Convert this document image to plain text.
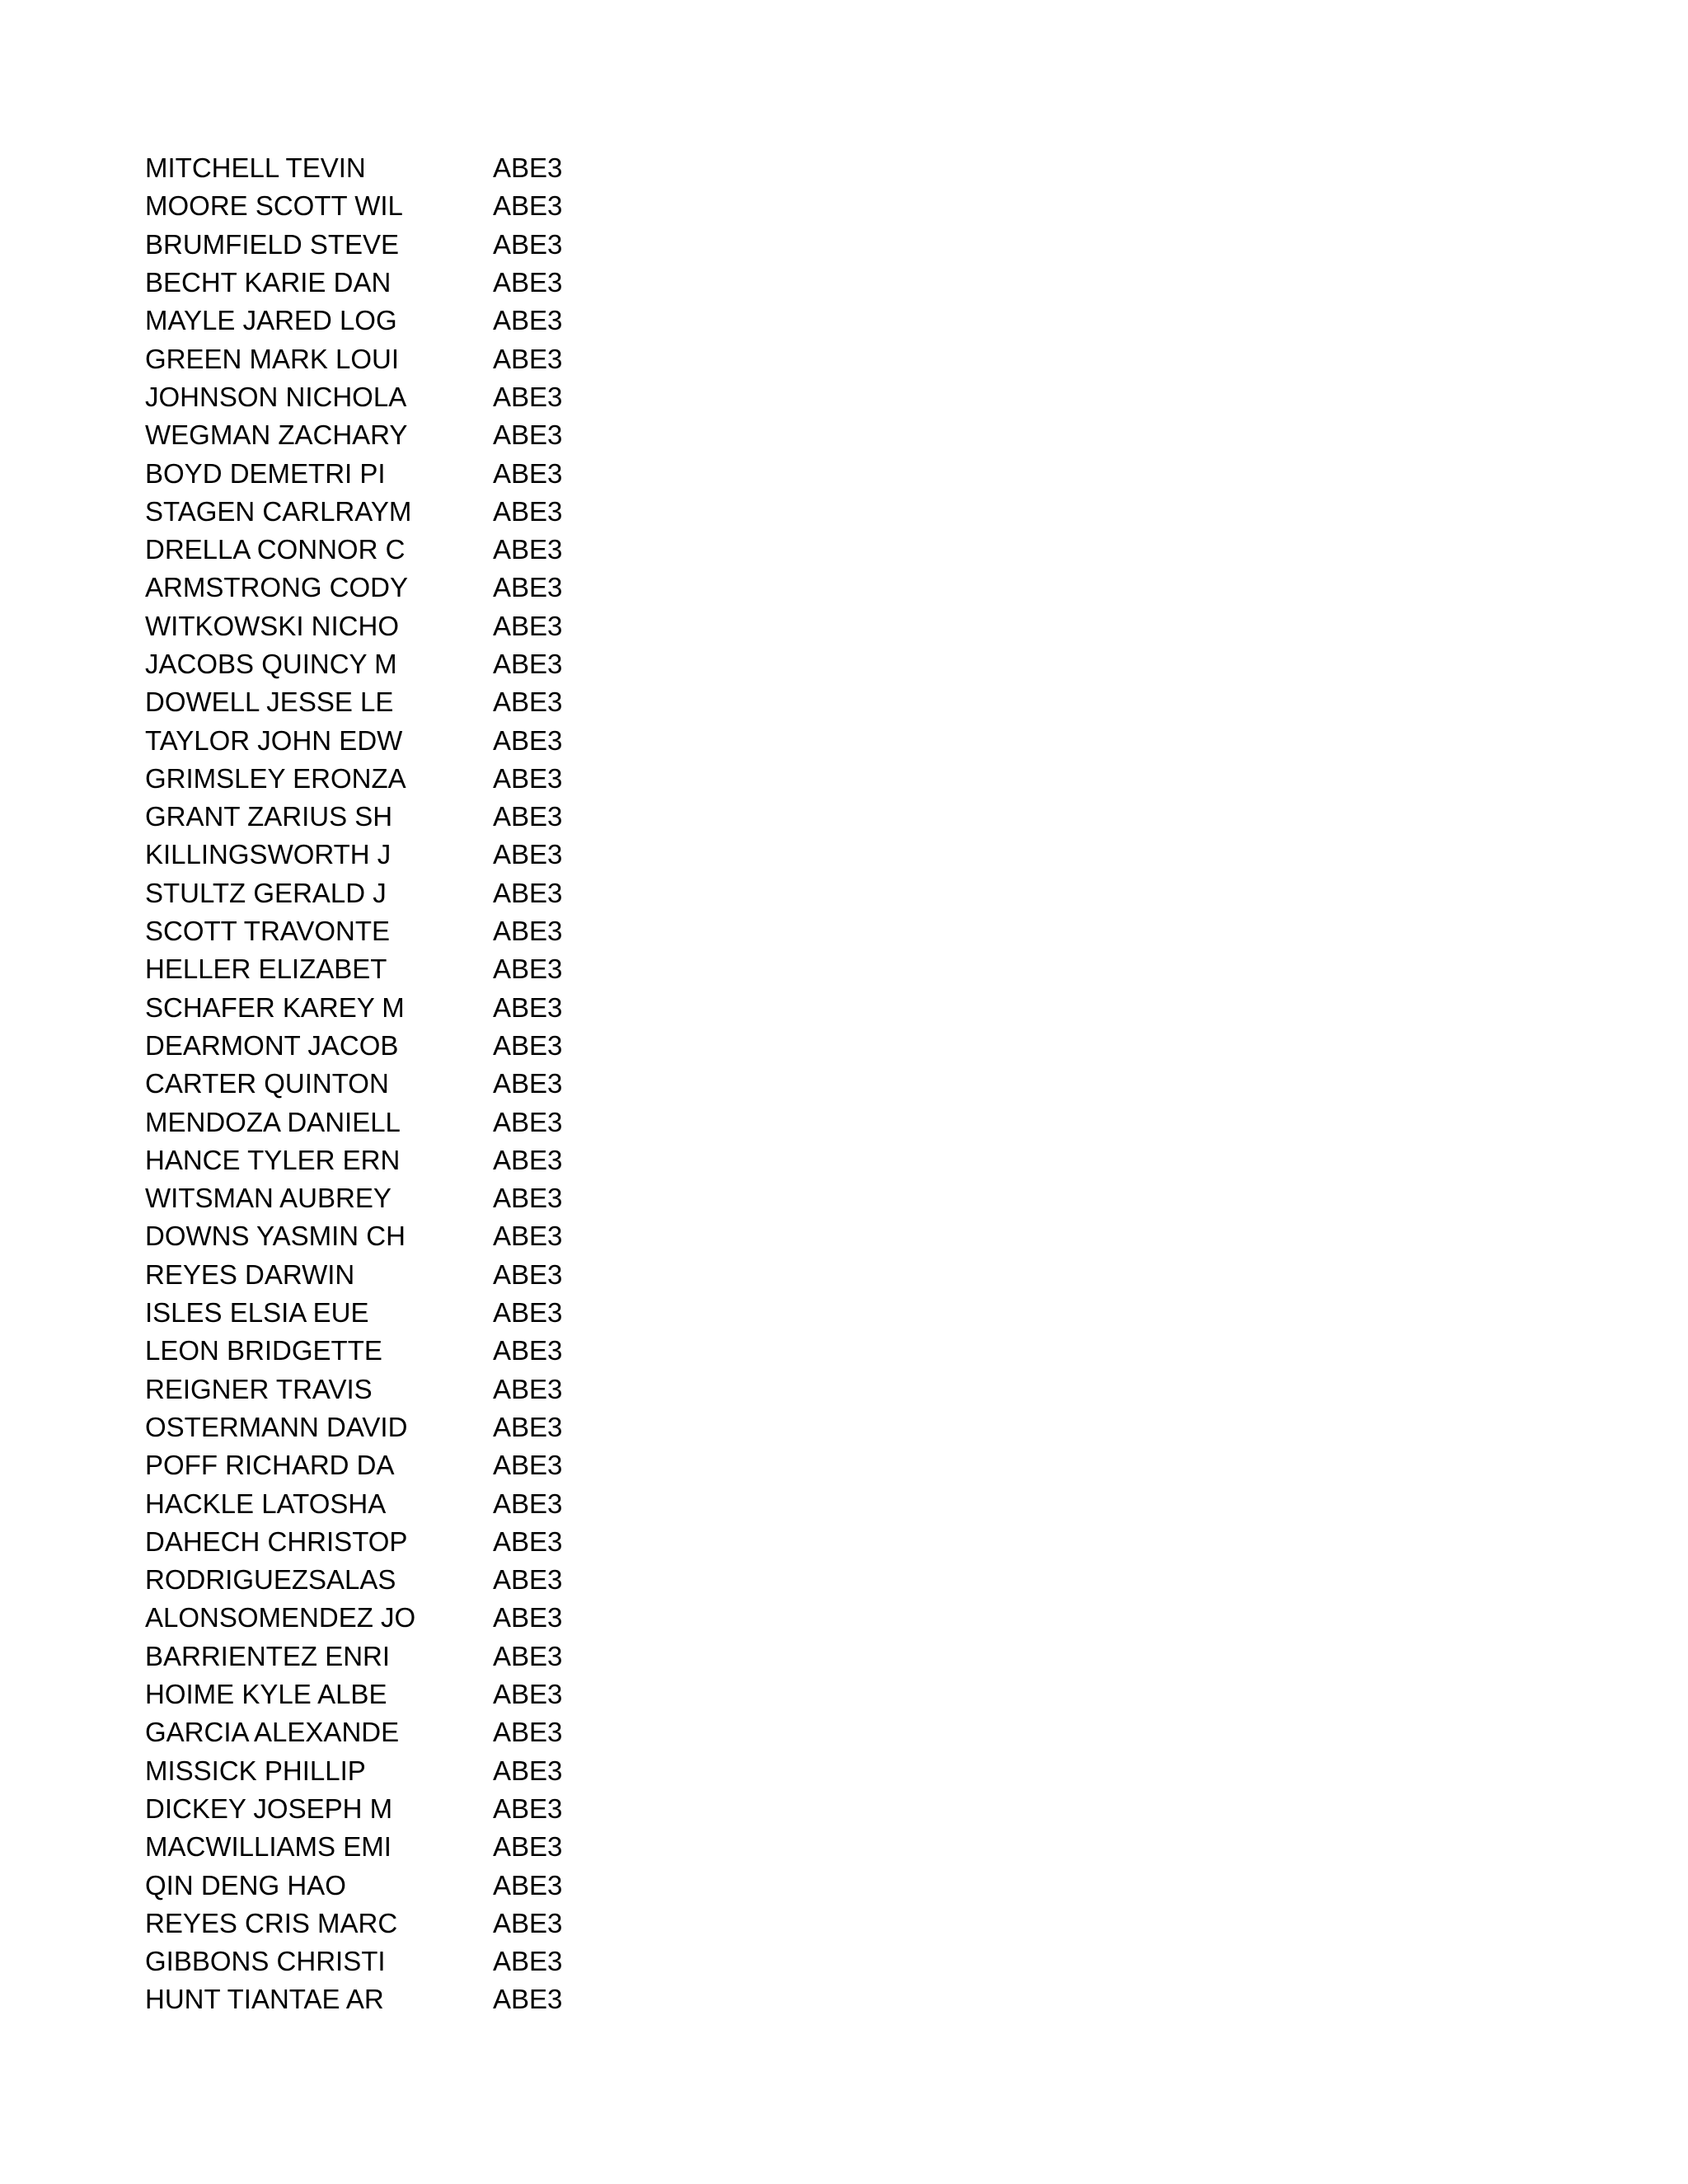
MITCHELL TEVIN	ABE3
MOORE SCOTT WIL	ABE3
BRUMFIELD STEVE	ABE3
BECHT KARIE DAN	ABE3
MAYLE JARED LOG	ABE3
GREEN MARK LOUI	ABE3
JOHNSON NICHOLA	ABE3
WEGMAN ZACHARY	ABE3
BOYD DEMETRI PI	ABE3
STAGEN CARLRAYM	ABE3
DRELLA CONNOR C	ABE3
ARMSTRONG CODY	ABE3
WITKOWSKI NICHO	ABE3
JACOBS QUINCY M	ABE3
DOWELL JESSE LE	ABE3
TAYLOR JOHN EDW	ABE3
GRIMSLEY ERONZA	ABE3
GRANT ZARIUS SH	ABE3
KILLINGSWORTH J	ABE3
STULTZ GERALD J	ABE3
SCOTT TRAVONTE	ABE3
HELLER ELIZABET	ABE3
SCHAFER KAREY M	ABE3
DEARMONT JACOB	ABE3
CARTER QUINTON	ABE3
MENDOZA DANIELL	ABE3
HANCE TYLER ERN	ABE3
WITSMAN AUBREY	ABE3
DOWNS YASMIN CH	ABE3
REYES DARWIN	ABE3
ISLES ELSIA EUE	ABE3
LEON BRIDGETTE	ABE3
REIGNER TRAVIS	ABE3
OSTERMANN DAVID	ABE3
POFF RICHARD DA	ABE3
HACKLE LATOSHA	ABE3
DAHECH CHRISTOP	ABE3
RODRIGUEZSALAS	ABE3
ALONSOMENDEZ JO	ABE3
BARRIENTEZ ENRI	ABE3
HOIME KYLE ALBE	ABE3
GARCIA ALEXANDE	ABE3
MISSICK PHILLIP	ABE3
DICKEY JOSEPH M	ABE3
MACWILLIAMS EMI	ABE3
QIN DENG HAO	ABE3
REYES CRIS MARC	ABE3
GIBBONS CHRISTI	ABE3
HUNT TIANTAE AR	ABE3
